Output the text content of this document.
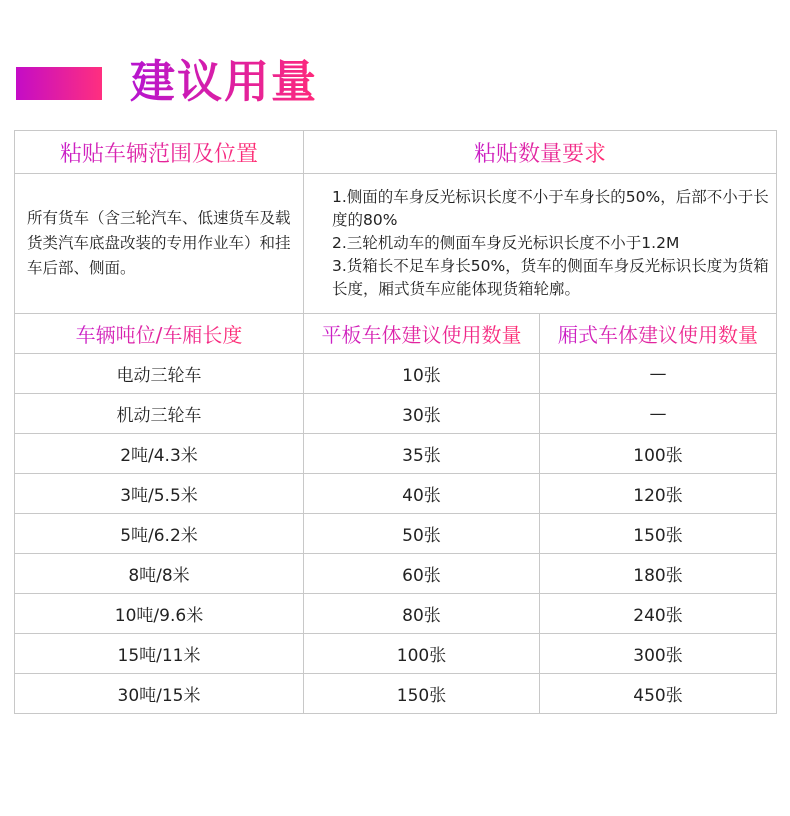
建议用量
粘贴车辆范围及位置	粘贴数量要求	
所有货车（含三轮汽车、低速货车及载货类汽车底盘改装的专用作业车）和挂车后部、侧面。	1.侧面的车身反光标识长度不小于车身长的50%，后部不小于长度的80%
2.三轮机动车的侧面车身反光标识长度不小于1.2M
3.货箱长不足车身长50%，货车的侧面车身反光标识长度为货箱长度，厢式货车应能体现货箱轮廓。	

车辆吨位/车厢长度	平板车体建议使用数量	厢式车体建议使用数量
电动三轮车	10张	—
机动三轮车	30张	—
2吨/4.3米	35张	100张
3吨/5.5米	40张	120张
5吨/6.2米	50张	150张
8吨/8米	60张	180张
10吨/9.6米	80张	240张
15吨/11米	100张	300张
30吨/15米	150张	450张
